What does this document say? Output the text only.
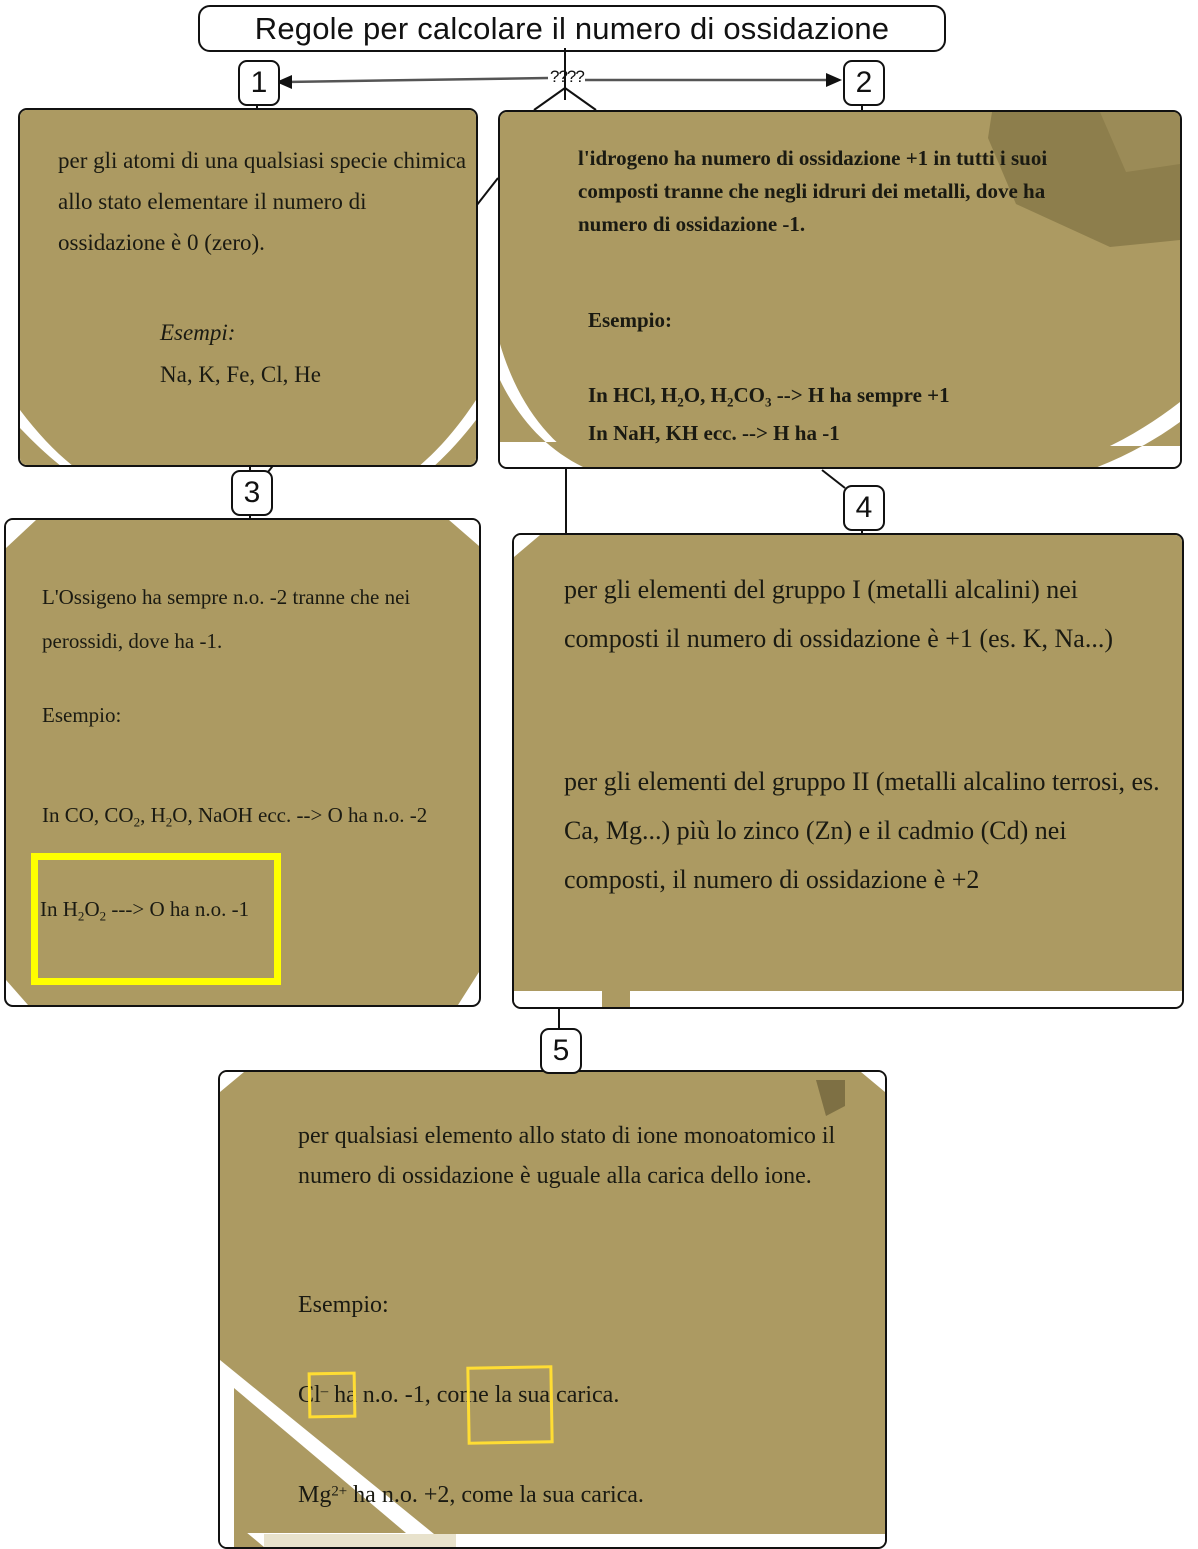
Regole per calcolare il numero di ossidazione
????
1	2
3	4
5
per gli atomi di una qualsiasi specie chimica allo stato elementare il numero di ossidazione è 0 (zero).
Esempi:
Na, K, Fe, Cl, He
l'idrogeno ha numero di ossidazione +1 in tutti i suoi composti tranne che negli idruri dei metalli, dove ha numero di ossidazione -1.
Esempio:
In HCl, $H_2O$, $H_2CO_3$ --> H ha sempre +1
In NaH, KH ecc. --> H ha -1
L'Ossigeno ha sempre n.o. -2 tranne che nei perossidi, dove ha -1.
Esempio:
In CO, $CO_2$, $H_2O$, NaOH ecc. --> O ha n.o. -2
In $H_2O_2$ ---> O ha n.o. -1
per gli elementi del gruppo I (metalli alcalini) nei composti il numero di ossidazione è +1 (es. K, Na...)
per gli elementi del gruppo II (metalli alcalino terrosi, es. Ca, Mg...) più lo zinco (Zn) e il cadmio (Cd) nei composti, il numero di ossidazione è +2
per qualsiasi elemento allo stato di ione monoatomico il numero di ossidazione è uguale alla carica dello ione.
Esempio:
Cl– ha n.o. -1, come la sua carica.
$Mg^{2+}$ ha n.o. +2, come la sua carica.
